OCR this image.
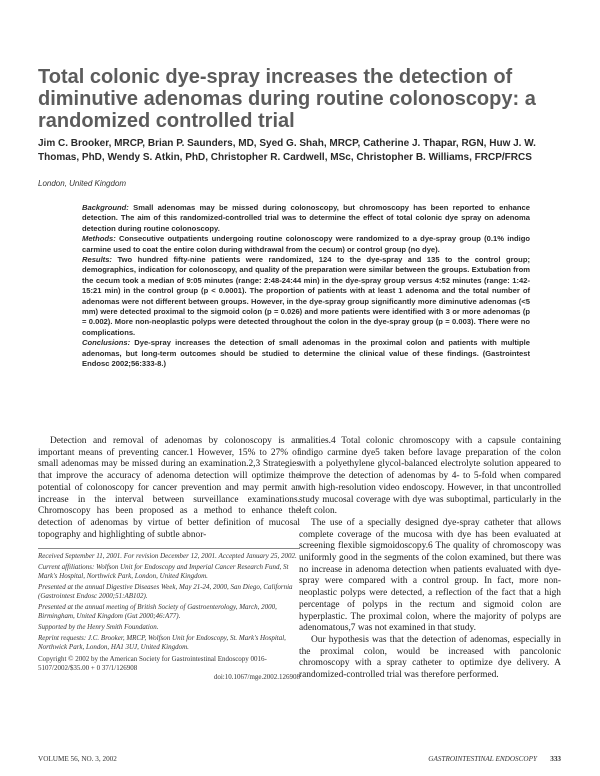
Total colonic dye-spray increases the detection of diminutive adenomas during routine colonoscopy: a randomized controlled trial

Jim C. Brooker, MRCP, Brian P. Saunders, MD, Syed G. Shah, MRCP, Catherine J. Thapar, RGN, Huw J. W. Thomas, PhD, Wendy S. Atkin, PhD, Christopher R. Cardwell, MSc, Christopher B. Williams, FRCP/FRCS

London, United Kingdom

Background: Small adenomas may be missed during colonoscopy, but chromoscopy has been reported to enhance detection. The aim of this randomized-controlled trial was to determine the effect of total colonic dye spray on adenoma detection during routine colonoscopy.

Methods: Consecutive outpatients undergoing routine colonoscopy were randomized to a dye-spray group (0.1% indigo carmine used to coat the entire colon during withdrawal from the cecum) or control group (no dye).

Results: Two hundred fifty-nine patients were randomized, 124 to the dye-spray and 135 to the control group; demographics, indication for colonoscopy, and quality of the preparation were similar between the groups. Extubation from the cecum took a median of 9:05 minutes (range: 2:48-24:44 min) in the dye-spray group versus 4:52 minutes (range: 1:42-15:21 min) in the control group (p < 0.0001). The proportion of patients with at least 1 adenoma and the total number of adenomas were not different between groups. However, in the dye-spray group significantly more diminutive adenomas (<5 mm) were detected proximal to the sigmoid colon (p = 0.026) and more patients were identified with 3 or more adenomas (p = 0.002). More non-neoplastic polyps were detected throughout the colon in the dye-spray group (p = 0.003). There were no complications.

Conclusions: Dye-spray increases the detection of small adenomas in the proximal colon and patients with multiple adenomas, but long-term outcomes should be studied to determine the clinical value of these findings. (Gastrointest Endosc 2002;56:333-8.)

Detection and removal of adenomas by colonoscopy is an important means of preventing cancer.1 However, 15% to 27% of small adenomas may be missed during an examination.2,3 Strategies that improve the accuracy of adenoma detection will optimize the potential of colonoscopy for cancer prevention and may permit an increase in the interval between surveillance examinations. Chromoscopy has been proposed as a method to enhance the detection of adenomas by virtue of better definition of mucosal topography and highlighting of subtle abnor-

malities.4 Total colonic chromoscopy with a capsule containing indigo carmine dye5 taken before lavage preparation of the colon with a polyethylene glycol-balanced electrolyte solution appeared to improve the detection of adenomas by 4- to 5-fold when compared with high-resolution video endoscopy. However, in that uncontrolled study mucosal coverage with dye was suboptimal, particularly in the left colon.

The use of a specially designed dye-spray catheter that allows complete coverage of the mucosa with dye has been evaluated at screening flexible sigmoidoscopy.6 The quality of chromoscopy was uniformly good in the segments of the colon examined, but there was no increase in adenoma detection when patients evaluated with dye-spray were compared with a control group. In fact, more non-neoplastic polyps were detected, a reflection of the fact that a high percentage of polyps in the rectum and sigmoid colon are hyperplastic. The proximal colon, where the majority of polyps are adenomatous,7 was not examined in that study.

Our hypothesis was that the detection of adenomas, especially in the proximal colon, would be increased with pancolonic chromoscopy with a spray catheter to optimize dye delivery. A randomized-controlled trial was therefore performed.

Received September 11, 2001. For revision December 12, 2001. Accepted January 25, 2002.

Current affiliations: Wolfson Unit for Endoscopy and Imperial Cancer Research Fund, St Mark's Hospital, Northwick Park, London, United Kingdom.

Presented at the annual Digestive Diseases Week, May 21-24, 2000, San Diego, California (Gastrointest Endosc 2000;51:AB102).

Presented at the annual meeting of British Society of Gastroenterology, March, 2000, Birmingham, United Kingdom (Gut 2000;46:A77).

Supported by the Henry Smith Foundation.

Reprint requests: J.C. Brooker, MRCP, Wolfson Unit for Endoscopy, St. Mark's Hospital, Northwick Park, London, HA1 3UJ, United Kingdom.

Copyright © 2002 by the American Society for Gastrointestinal Endoscopy 0016-5107/2002/$35.00 + 0 37/1/126908

doi:10.1067/mge.2002.126908

VOLUME 56, NO. 3, 2002	GASTROINTESTINAL ENDOSCOPY 333
